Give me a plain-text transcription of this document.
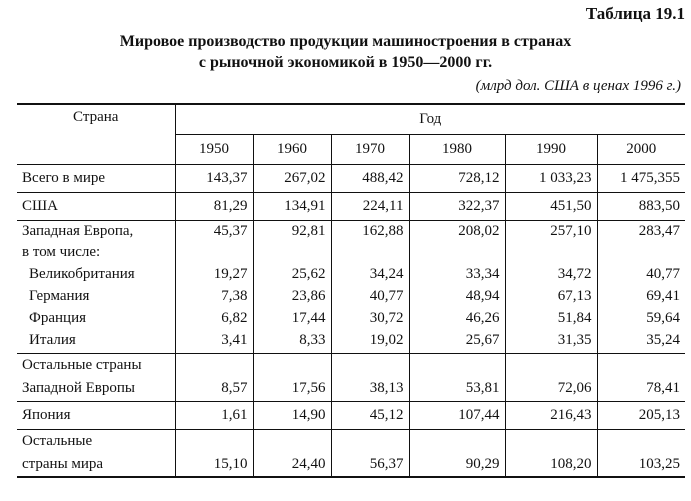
Таблица 19.1
Мировое производство продукции машиностроения в странах
с рыночной экономикой в 1950—2000 гг.
(млрд дол. США в ценах 1996 г.)
Страна	Год					
	1950	1960	1970	1980	1990	2000
Всего в мире	143,37	267,02	488,42	728,12	1 033,23	1 475,355
США	81,29	134,91	224,11	322,37	451,50	883,50
Западная Европа,	45,37	92,81	162,88	208,02	257,10	283,47
в том числе:						
Великобритания	19,27	25,62	34,24	33,34	34,72	40,77
Германия	7,38	23,86	40,77	48,94	67,13	69,41
Франция	6,82	17,44	30,72	46,26	51,84	59,64
Италия	3,41	8,33	19,02	25,67	31,35	35,24
Остальные страны						
Западной Европы	8,57	17,56	38,13	53,81	72,06	78,41
Япония	1,61	14,90	45,12	107,44	216,43	205,13
Остальные						
страны мира	15,10	24,40	56,37	90,29	108,20	103,25
